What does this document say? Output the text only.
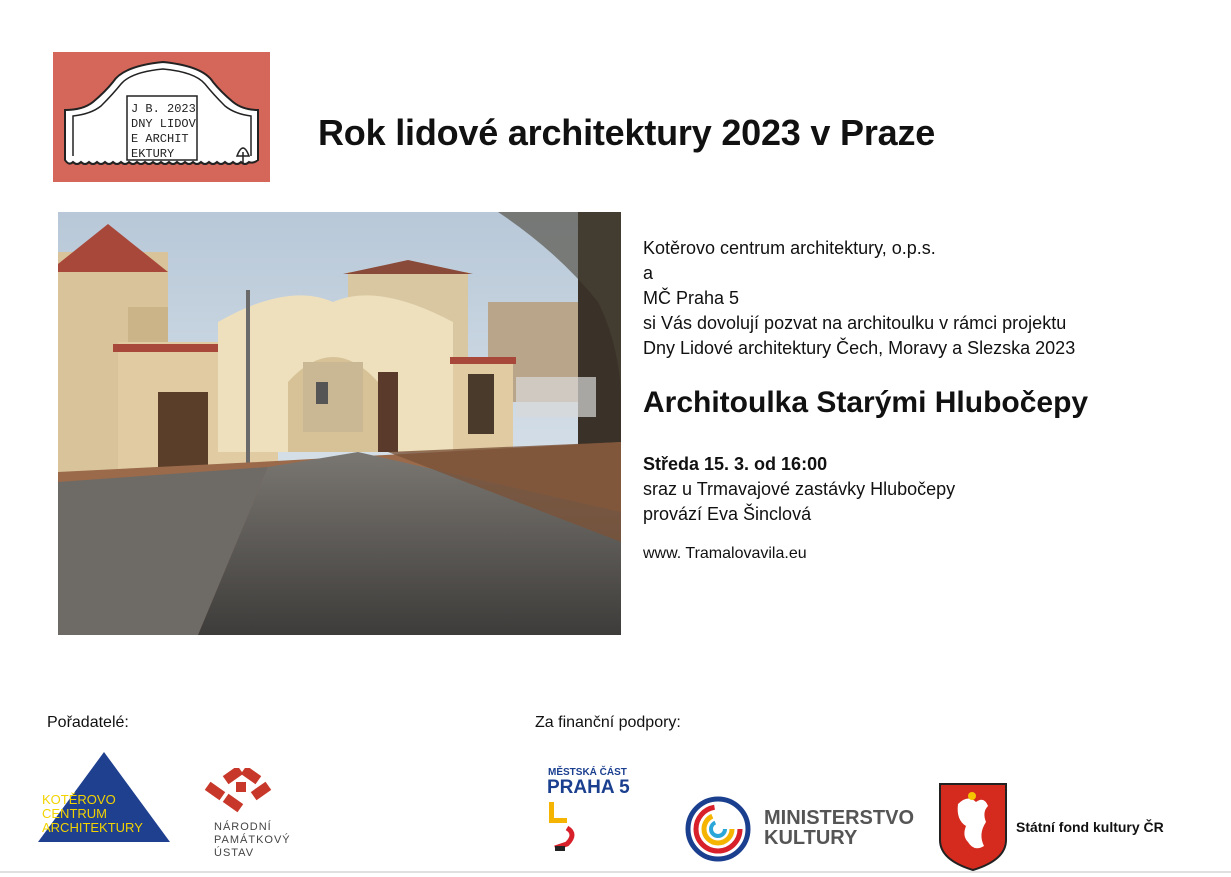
J B. 2023
DNY LIDOV
E ARCHIT
EKTURY
Rok lidové architektury 2023 v Praze
Kotěrovo centrum architektury, o.p.s.
a
MČ Praha 5
si Vás dovolují pozvat na architoulku v rámci projektu
Dny Lidové architektury Čech, Moravy a Slezska 2023
Architoulka Starými Hlubočepy
Středa 15. 3. od 16:00
sraz u Trmavajové zastávky Hlubočepy
provází Eva Šinclová
www. Tramalovavila.eu
Pořadatelé:	Za finanční podpory:
KOTĚROVO
CENTRUM
ARCHITEKTURY	NÁRODNÍ
PAMÁTKOVÝ
ÚSTAV
MĚSTSKÁ ČÁST
PRAHA 5
MINISTERSTVO
KULTURY	Státní fond kultury ČR
